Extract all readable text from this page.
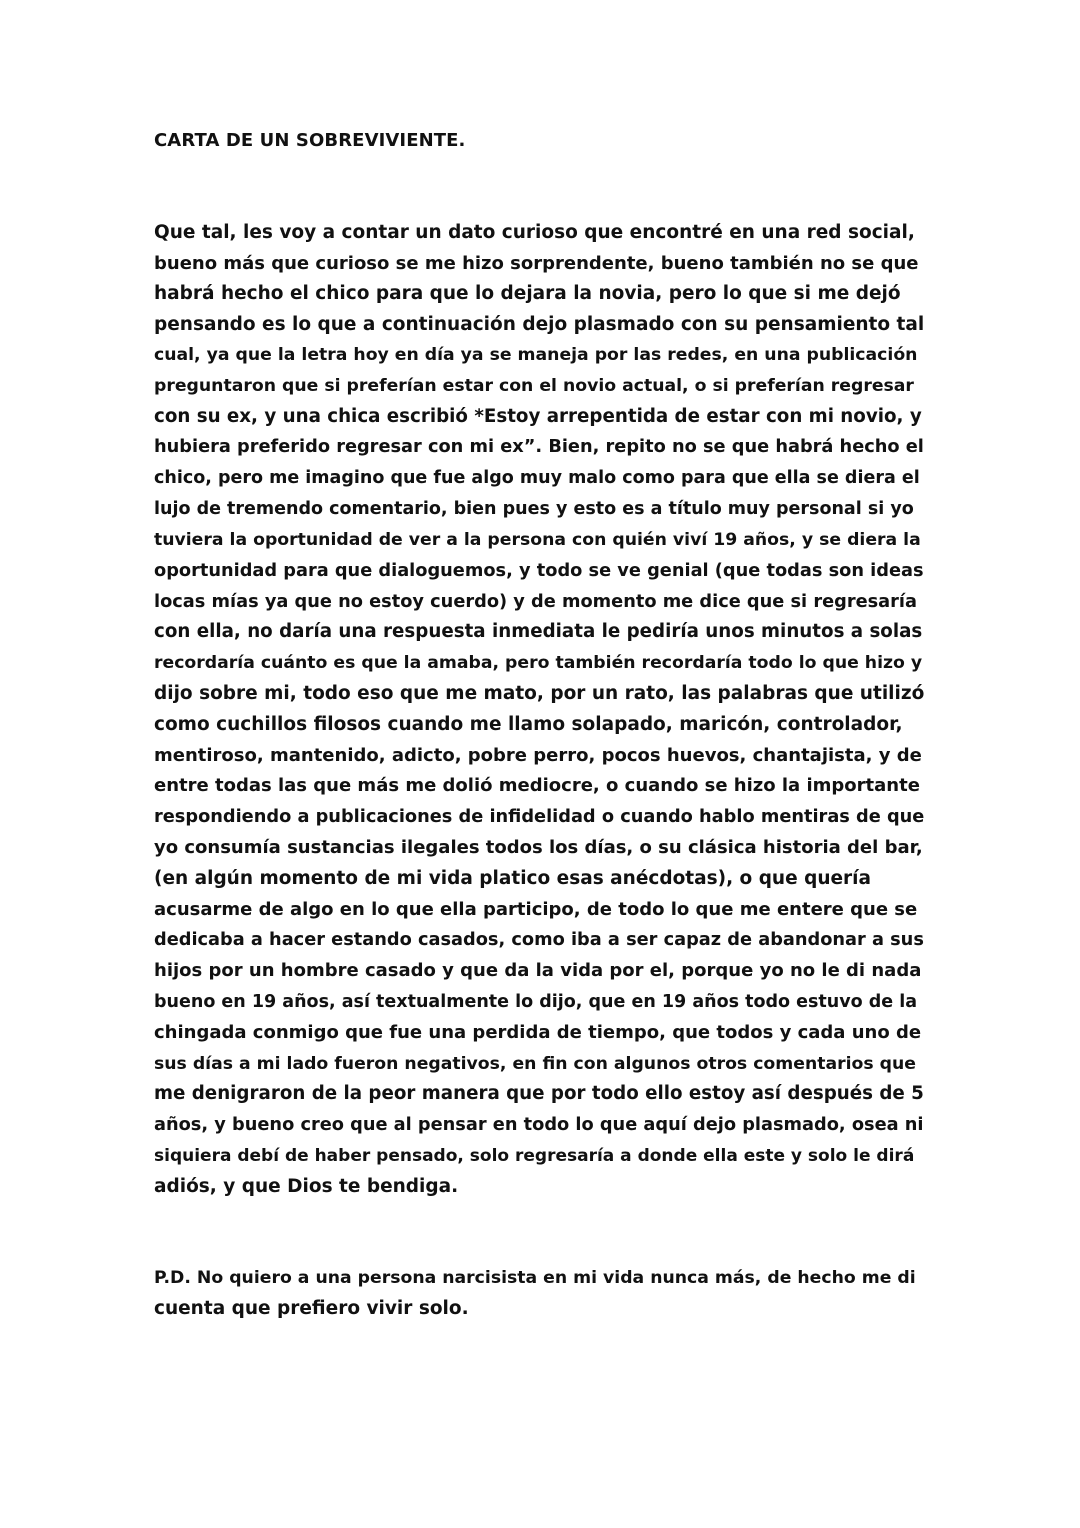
CARTA DE UN SOBREVIVIENTE.

Que tal, les voy a contar un dato curioso que encontré en una red social,

bueno más que curioso se me hizo sorprendente, bueno también no se que

habrá hecho el chico para que lo dejara la novia, pero lo que si me dejó

pensando es lo que a continuación dejo plasmado con su pensamiento tal

cual, ya que la letra hoy en día ya se maneja por las redes, en una publicación

preguntaron que si preferían estar con el novio actual, o si preferían regresar

con su ex, y una chica escribió *Estoy arrepentida de estar con mi novio, y

hubiera preferido regresar con mi ex”. Bien, repito no se que habrá hecho el

chico, pero me imagino que fue algo muy malo como para que ella se diera el

lujo de tremendo comentario, bien pues y esto es a título muy personal si yo

tuviera la oportunidad de ver a la persona con quién viví 19 años, y se diera la

oportunidad para que dialoguemos, y todo se ve genial (que todas son ideas

locas mías ya que no estoy cuerdo) y de momento me dice que si regresaría

con ella, no daría una respuesta inmediata le pediría unos minutos a solas

recordaría cuánto es que la amaba, pero también recordaría todo lo que hizo y

dijo sobre mi, todo eso que me mato, por un rato, las palabras que utilizó

como cuchillos filosos cuando me llamo solapado, maricón, controlador,

mentiroso, mantenido, adicto, pobre perro, pocos huevos, chantajista, y de

entre todas las que más me dolió mediocre, o cuando se hizo la importante

respondiendo a publicaciones de infidelidad o cuando hablo mentiras de que

yo consumía sustancias ilegales todos los días, o su clásica historia del bar,

(en algún momento de mi vida platico esas anécdotas), o que quería

acusarme de algo en lo que ella participo, de todo lo que me entere que se

dedicaba a hacer estando casados, como iba a ser capaz de abandonar a sus

hijos por un hombre casado y que da la vida por el, porque yo no le di nada

bueno en 19 años, así textualmente lo dijo, que en 19 años todo estuvo de la

chingada conmigo que fue una perdida de tiempo, que todos y cada uno de

sus días a mi lado fueron negativos, en fin con algunos otros comentarios que

me denigraron de la peor manera que por todo ello estoy así después de 5

años, y bueno creo que al pensar en todo lo que aquí dejo plasmado, osea ni

siquiera debí de haber pensado, solo regresaría a donde ella este y solo le dirá

adiós, y que Dios te bendiga.

P.D. No quiero a una persona narcisista en mi vida nunca más, de hecho me di

cuenta que prefiero vivir solo.
